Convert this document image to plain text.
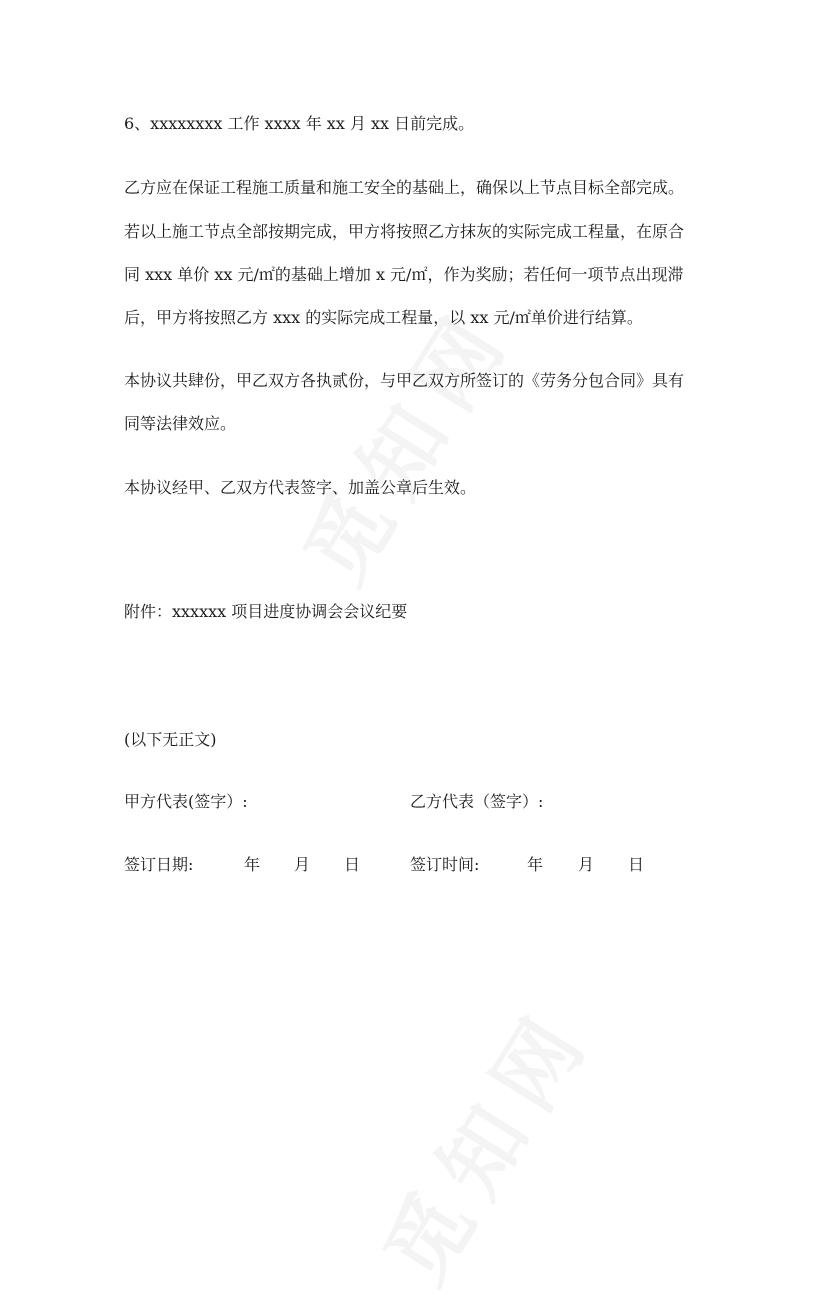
6、xxxxxxxx 工作 xxxx 年 xx 月 xx 日前完成。
乙方应在保证工程施工质量和施工安全的基础上，确保以上节点目标全部完成。
若以上施工节点全部按期完成，甲方将按照乙方抹灰的实际完成工程量，在原合
同 xxx 单价 xx 元/㎡的基础上增加 x 元/㎡，作为奖励；若任何一项节点出现滞
后，甲方将按照乙方 xxx 的实际完成工程量，以 xx 元/㎡单价进行结算。
本协议共肆份，甲乙双方各执贰份，与甲乙双方所签订的《劳务分包合同》具有
同等法律效应。
本协议经甲、乙双方代表签字、加盖公章后生效。
附件：xxxxxx 项目进度协调会会议纪要
(以下无正文)
甲方代表(签字）:	乙方代表（签字）:
签订日期:	年 月 日	签订时间:	年 月 日
